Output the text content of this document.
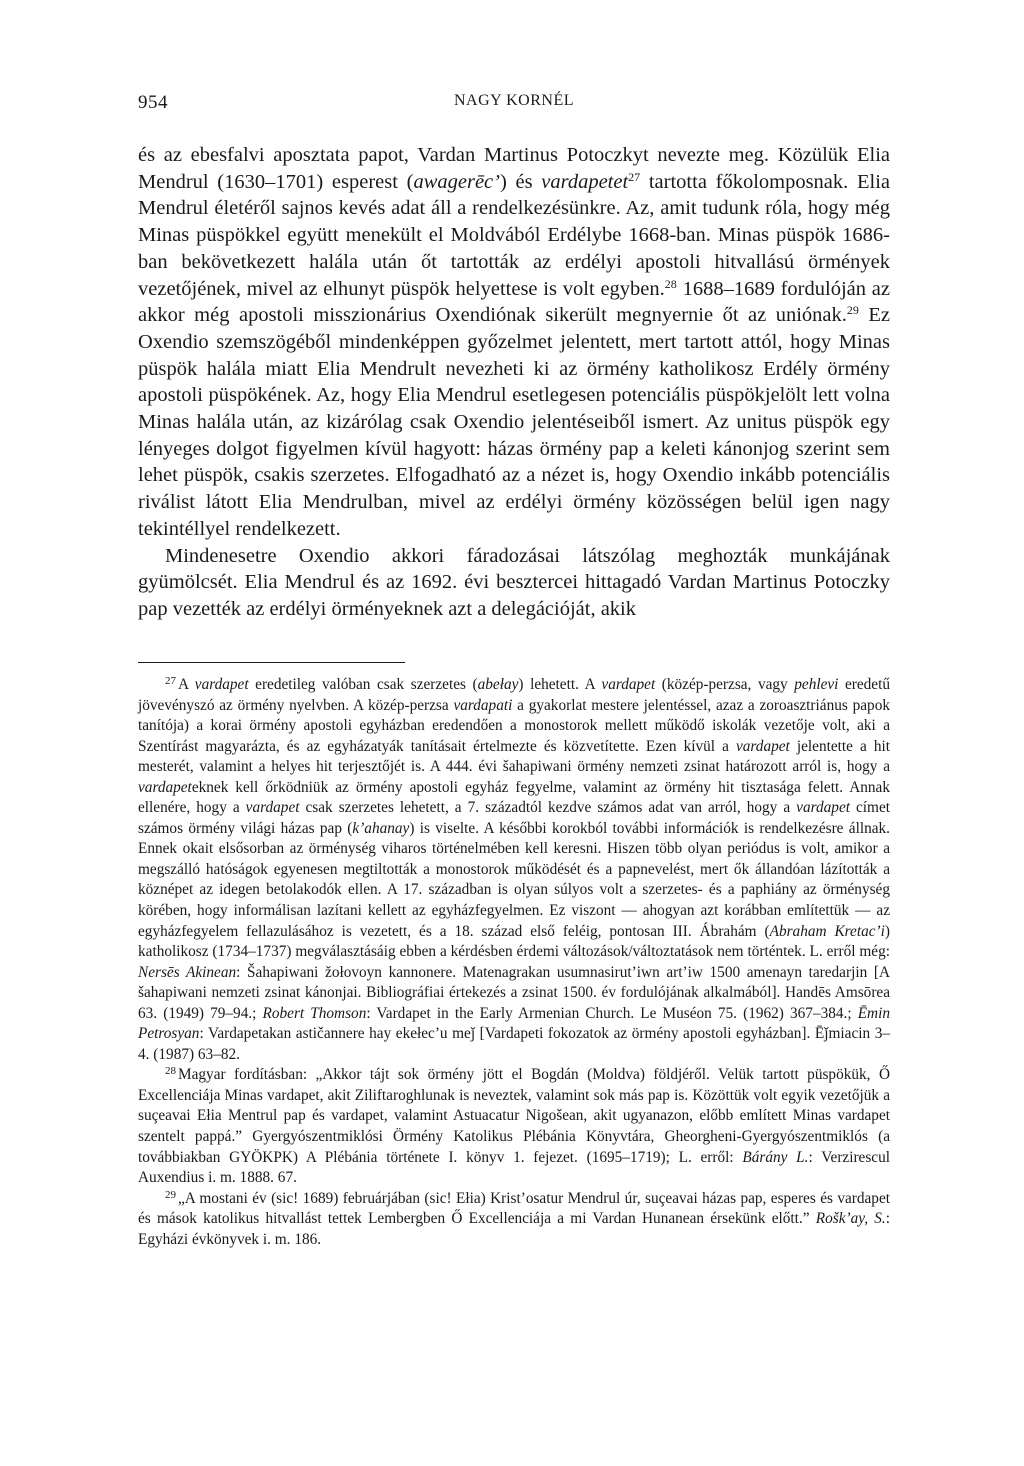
954	NAGY KORNÉL

és az ebesfalvi aposztata papot, Vardan Martinus Potoczkyt nevezte meg. Közülük Elia Mendrul (1630–1701) esperest (awagerēc’) és vardapetet$^{27}$ tartotta főkolomposnak. Elia Mendrul életéről sajnos kevés adat áll a rendelkezésünkre. Az, amit tudunk róla, hogy még Minas püspökkel együtt menekült el Moldvából Erdélybe 1668-ban. Minas püspök 1686-ban bekövetkezett halála után őt tartották az erdélyi apostoli hitvallású örmények vezetőjének, mivel az elhunyt püspök helyettese is volt egyben.$^{28}$ 1688–1689 fordulóján az akkor még apostoli misszionárius Oxendiónak sikerült megnyernie őt az uniónak.$^{29}$ Ez Oxendio szemszögéből mindenképpen győzelmet jelentett, mert tartott attól, hogy Minas püspök halála miatt Elia Mendrult nevezheti ki az örmény katholikosz Erdély örmény apostoli püspökének. Az, hogy Elia Mendrul esetlegesen potenciális püspökjelölt lett volna Minas halála után, az kizárólag csak Oxendio jelentéseiből ismert. Az unitus püspök egy lényeges dolgot figyelmen kívül hagyott: házas örmény pap a keleti kánonjog szerint sem lehet püspök, csakis szerzetes. Elfogadható az a nézet is, hogy Oxendio inkább potenciális riválist látott Elia Mendrulban, mivel az erdélyi örmény közösségen belül igen nagy tekintéllyel rendelkezett.

Mindenesetre Oxendio akkori fáradozásai látszólag meghozták munkájának gyümölcsét. Elia Mendrul és az 1692. évi besztercei hittagadó Vardan Martinus Potoczky pap vezették az erdélyi örményeknek azt a delegációját, akik

$^{27}$ A vardapet eredetileg valóban csak szerzetes (abełay) lehetett. A vardapet (közép-perzsa, vagy pehlevi eredetű jövevényszó az örmény nyelvben. A közép-perzsa vardapati a gyakorlat mestere jelentéssel, azaz a zoroasztriánus papok tanítója) a korai örmény apostoli egyházban eredendően a monostorok mellett működő iskolák vezetője volt, aki a Szentírást magyarázta, és az egyházatyák tanításait értelmezte és közvetítette. Ezen kívül a vardapet jelentette a hit mesterét, valamint a helyes hit terjesztőjét is. A 444. évi šahapiwani örmény nemzeti zsinat határozott arról is, hogy a vardapeteknek kell őrködniük az örmény apostoli egyház fegyelme, valamint az örmény hit tisztasága felett. Annak ellenére, hogy a vardapet csak szerzetes lehetett, a 7. századtól kezdve számos adat van arról, hogy a vardapet címet számos örmény világi házas pap (k’ahanay) is viselte. A későbbi korokból további információk is rendelkezésre állnak. Ennek okait elsősorban az örménység viharos történelmében kell keresni. Hiszen több olyan periódus is volt, amikor a megszálló hatóságok egyenesen megtiltották a monostorok működését és a papnevelést, mert ők állandóan lázították a köznépet az idegen betolakodók ellen. A 17. században is olyan súlyos volt a szerzetes- és a paphiány az örménység körében, hogy informálisan lazítani kellett az egyházfegyelmen. Ez viszont — ahogyan azt korábban említettük — az egyházfegyelem fellazulásához is vezetett, és a 18. század első feléig, pontosan III. Ábrahám (Abraham Kretac’i) katholikosz (1734–1737) megválasztásáig ebben a kérdésben érdemi változások/változtatások nem történtek. L. erről még: Nersēs Akinean: Šahapiwani žołovoyn kannonere. Matenagrakan usumnasirut’iwn art’iw 1500 amenayn taredarjin [A šahapiwani nemzeti zsinat kánonjai. Bibliográfiai értekezés a zsinat 1500. év fordulójának alkalmából]. Handēs Amsōrea 63. (1949) 79–94.; Robert Thomson: Vardapet in the Early Armenian Church. Le Muséon 75. (1962) 367–384.; Ēmin Petrosyan: Vardapetakan astičannere hay ekełec’u meǰ [Vardapeti fokozatok az örmény apostoli egyházban]. Ēǰmiacin 3–4. (1987) 63–82.

$^{28}$ Magyar fordításban: „Akkor tájt sok örmény jött el Bogdán (Moldva) földjéről. Velük tartott püspökük, Ő Excellenciája Minas vardapet, akit Ziliftaroghlunak is neveztek, valamint sok más pap is. Közöttük volt egyik vezetőjük a suçeavai Ełia Mentrul pap és vardapet, valamint Astuacatur Nigošean, akit ugyanazon, előbb említett Minas vardapet szentelt pappá.” Gyergyószentmiklósi Örmény Katolikus Plébánia Könyvtára, Gheorgheni-Gyergyószentmiklós (a továbbiakban GYÖKPK) A Plébánia története I. könyv 1. fejezet. (1695–1719); L. erről: Bárány L.: Verzirescul Auxendius i. m. 1888. 67.

$^{29}$ „A mostani év (sic! 1689) februárjában (sic! Ełia) Krist’osatur Mendrul úr, suçeavai házas pap, esperes és vardapet és mások katolikus hitvallást tettek Lembergben Ő Excellenciája a mi Vardan Hunanean érsekünk előtt.” Rošk’ay, S.: Egyházi évkönyvek i. m. 186.
